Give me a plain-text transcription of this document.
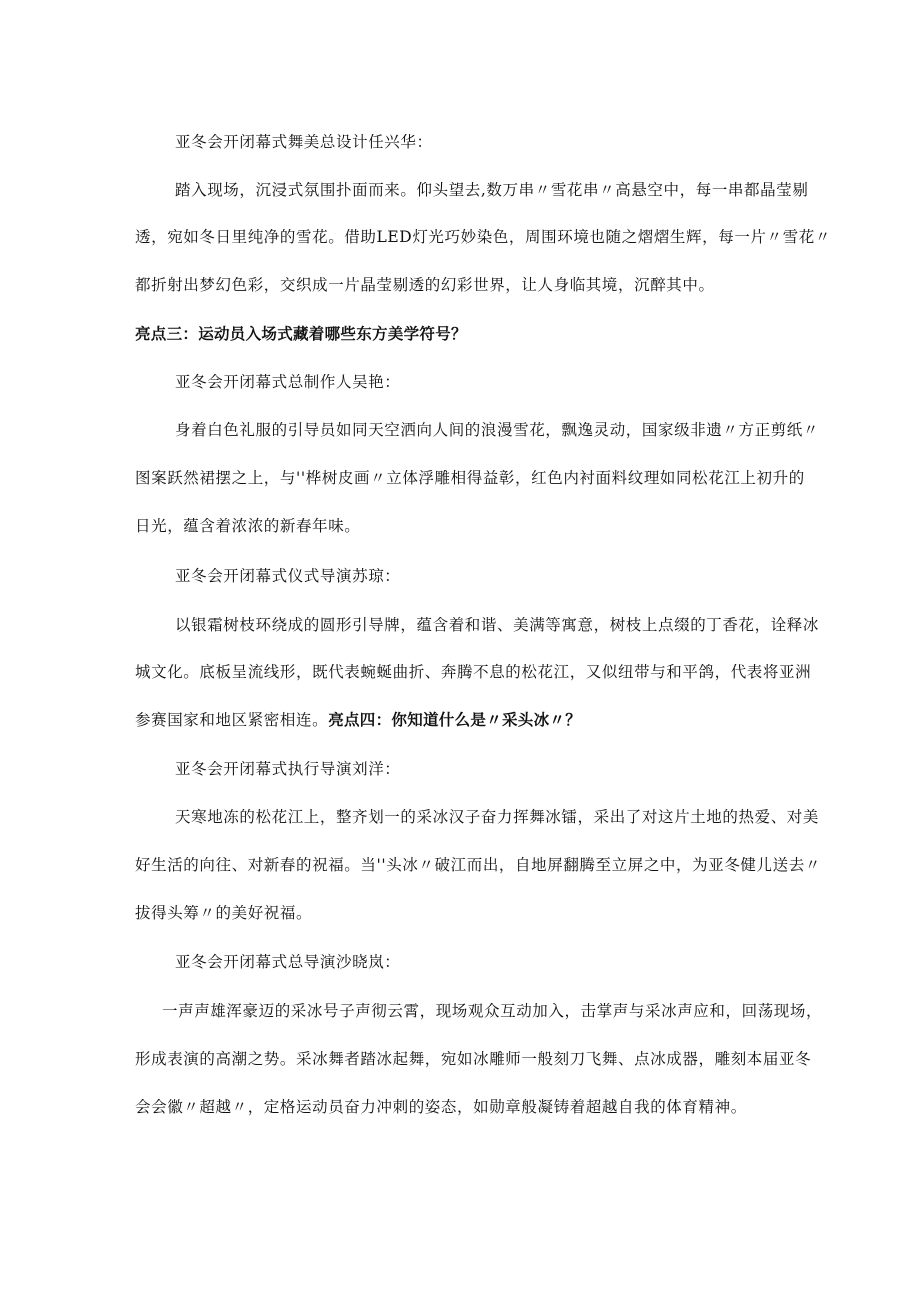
亚冬会开闭幕式舞美总设计任兴华：
踏入现场，沉浸式氛围扑面而来。仰头望去,数万串〃雪花串〃高悬空中，每一串都晶莹剔
透，宛如冬日里纯净的雪花。借助LED灯光巧妙染色，周围环境也随之熠熠生辉，每一片〃雪花〃
都折射出梦幻色彩，交织成一片晶莹剔透的幻彩世界，让人身临其境，沉醉其中。
亮点三：运动员入场式藏着哪些东方美学符号？
亚冬会开闭幕式总制作人吴艳：
身着白色礼服的引导员如同天空洒向人间的浪漫雪花，飘逸灵动，国家级非遗〃方正剪纸〃
图案跃然裙摆之上，与''桦树皮画〃立体浮雕相得益彰，红色内衬面料纹理如同松花江上初升的
日光，蕴含着浓浓的新春年味。
亚冬会开闭幕式仪式导演苏琼：
以银霜树枝环绕成的圆形引导牌，蕴含着和谐、美满等寓意，树枝上点缀的丁香花，诠释冰
城文化。底板呈流线形，既代表蜿蜒曲折、奔腾不息的松花江，又似纽带与和平鸽，代表将亚洲
参赛国家和地区紧密相连。亮点四：你知道什么是〃采头冰〃？
亚冬会开闭幕式执行导演刘洋：
天寒地冻的松花江上，整齐划一的采冰汉子奋力挥舞冰镭，采出了对这片土地的热爱、对美
好生活的向往、对新春的祝福。当''头冰〃破江而出，自地屏翻腾至立屏之中，为亚冬健儿送去〃
拔得头筹〃的美好祝福。
亚冬会开闭幕式总导演沙晓岚：
一声声雄浑豪迈的采冰号子声彻云霄，现场观众互动加入，击掌声与采冰声应和，回荡现场，
形成表演的高潮之势。采冰舞者踏冰起舞，宛如冰雕师一般刻刀飞舞、点冰成器，雕刻本届亚冬
会会徽〃超越〃，定格运动员奋力冲刺的姿态，如勋章般凝铸着超越自我的体育精神。
